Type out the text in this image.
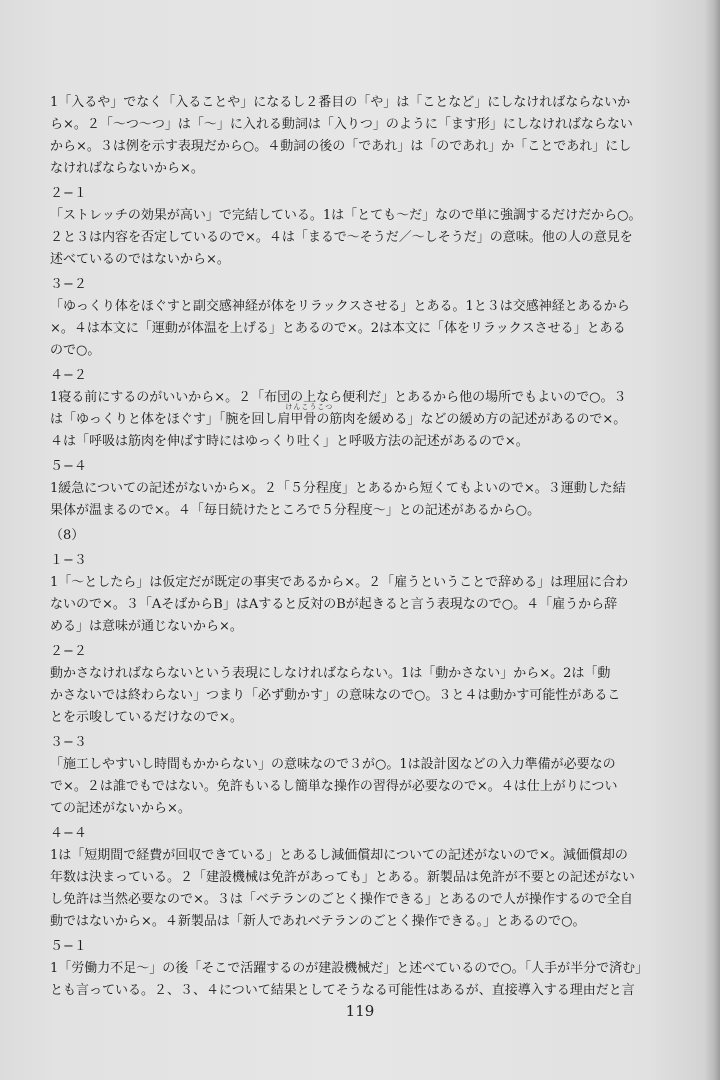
1「入るや」でなく「入ることや」になるし２番目の「や」は「ことなど」にしなければならないか

ら×。２「〜つ〜つ」は「〜」に入れる動詞は「入りつ」のように「ます形」にしなければならない

から×。３は例を示す表現だから○。４動詞の後の「であれ」は「のであれ」か「ことであれ」にし

なければならないから×。

２−１

「ストレッチの効果が高い」で完結している。1は「とても〜だ」なので単に強調するだけだから○。

２と３は内容を否定しているので×。４は「まるで〜そうだ／〜しそうだ」の意味。他の人の意見を

述べているのではないから×。

３−２

「ゆっくり体をほぐすと副交感神経が体をリラックスさせる」とある。1と３は交感神経とあるから

×。４は本文に「運動が体温を上げる」とあるので×。2は本文に「体をリラックスさせる」とある

ので○。

４−２

1寝る前にするのがいいから×。２「布団の上なら便利だ」とあるから他の場所でもよいので○。３

は「ゆっくりと体をほぐす」「腕を回し
けんこうこつ
肩甲骨の筋肉を緩める」などの緩め方の記述があるので×。

４は「呼吸は筋肉を伸ばす時にはゆっくり吐く」と呼吸方法の記述があるので×。

５−４

1緩急についての記述がないから×。２「５分程度」とあるから短くてもよいので×。３運動した結

果体が温まるので×。４「毎日続けたところで５分程度〜」との記述があるから○。

（8）
１−３

1「〜としたら」は仮定だが既定の事実であるから×。２「雇うということで辞める」は理屈に合わ

ないので×。３「AそばからB」はAすると反対のBが起きると言う表現なので○。４「雇うから辞

める」は意味が通じないから×。

２−２

動かさなければならないという表現にしなければならない。1は「動かさない」から×。2は「動

かさないでは終わらない」つまり「必ず動かす」の意味なので○。３と４は動かす可能性があるこ

とを示唆しているだけなので×。

３−３

「施工しやすいし時間もかからない」の意味なので３が○。1は設計図などの入力準備が必要なの

で×。２は誰でもではない。免許もいるし簡単な操作の習得が必要なので×。４は仕上がりについ

ての記述がないから×。

４−４

1は「短期間で経費が回収できている」とあるし減価償却についての記述がないので×。減価償却の

年数は決まっている。２「建設機械は免許があっても」とある。新製品は免許が不要との記述がない

し免許は当然必要なので×。３は「ベテランのごとく操作できる」とあるので人が操作するので全自

動ではないから×。４新製品は「新人であれベテランのごとく操作できる。」とあるので○。

５−１

1「労働力不足〜」の後「そこで活躍するのが建設機械だ」と述べているので○。「人手が半分で済む」

とも言っている。２、３、４について結果としてそうなる可能性はあるが、直接導入する理由だと言

119
